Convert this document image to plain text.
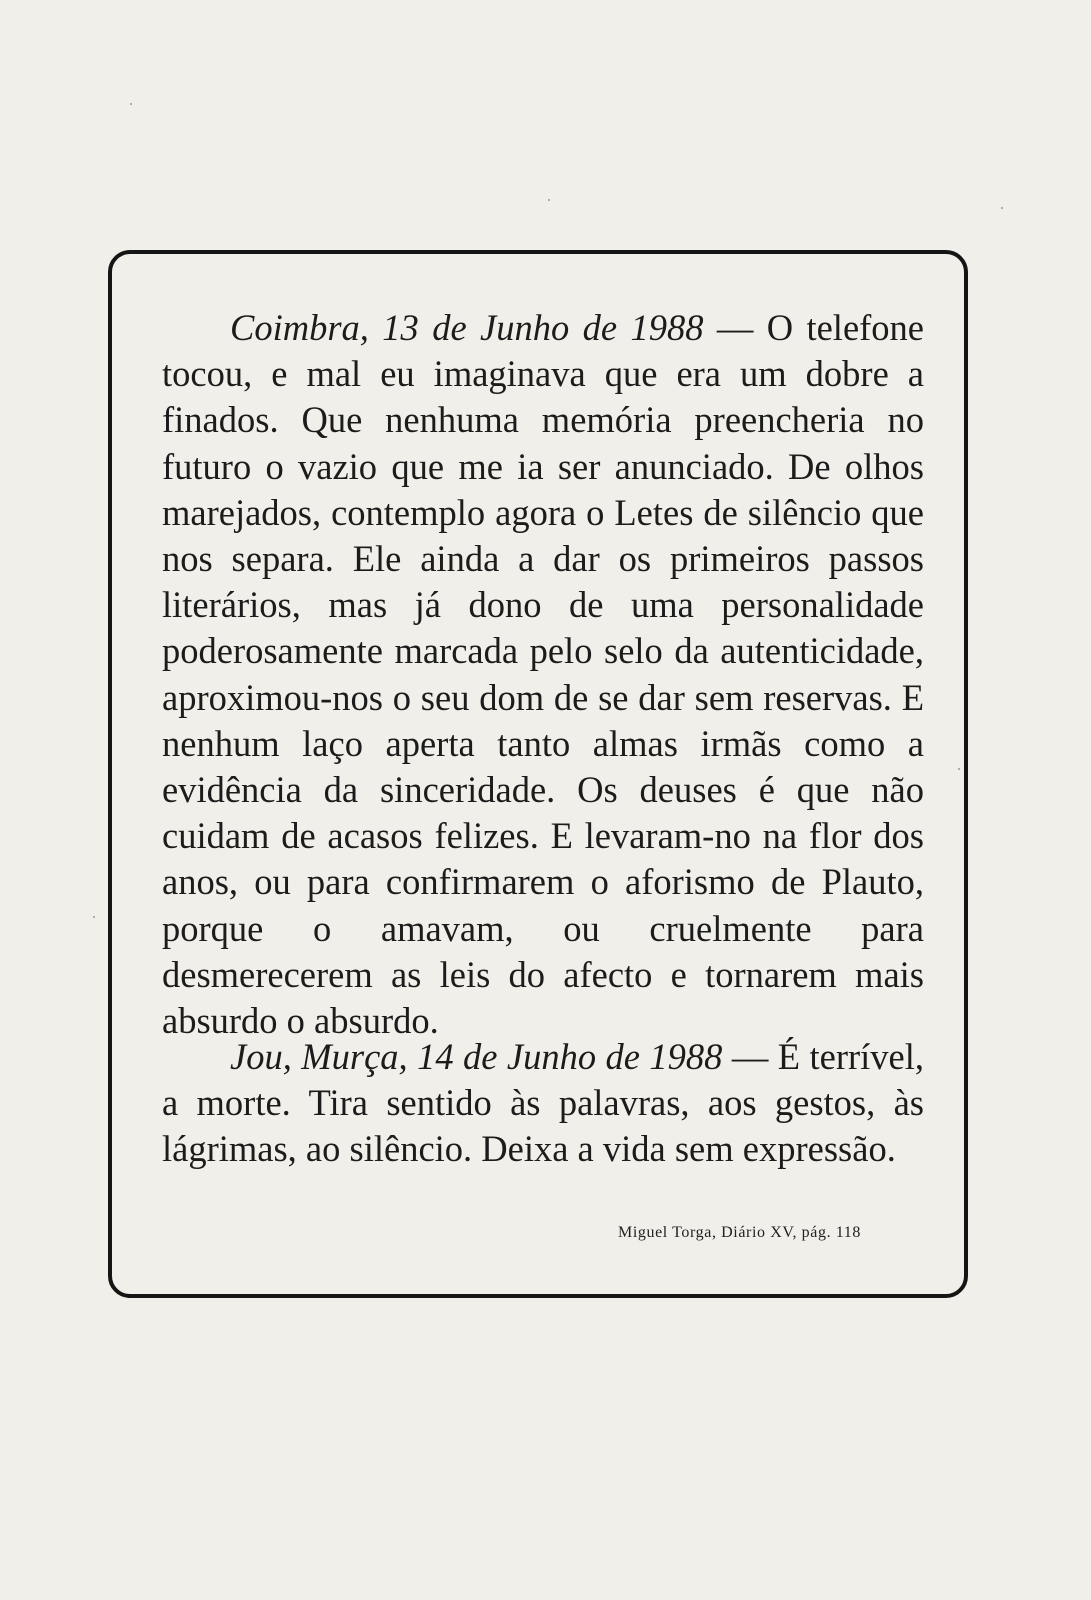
Coimbra, 13 de Junho de 1988 — O telefone tocou, e mal eu imaginava que era um dobre a finados. Que nenhuma memória preencheria no futuro o vazio que me ia ser anunciado. De olhos marejados, contemplo agora o Letes de silêncio que nos separa. Ele ainda a dar os primeiros passos literários, mas já dono de uma personalidade poderosamente marcada pelo selo da autenticidade, aproximou-nos o seu dom de se dar sem reservas. E nenhum laço aperta tanto almas irmãs como a evidência da sinceridade. Os deuses é que não cuidam de acasos felizes. E levaram-no na flor dos anos, ou para confirmarem o aforismo de Plauto, porque o amavam, ou cruelmente para desmerecerem as leis do afecto e tornarem mais absurdo o absurdo.

Jou, Murça, 14 de Junho de 1988 — É terrível, a morte. Tira sentido às palavras, aos gestos, às lágrimas, ao silêncio. Deixa a vida sem expressão.

Miguel Torga, Diário XV, pág. 118
